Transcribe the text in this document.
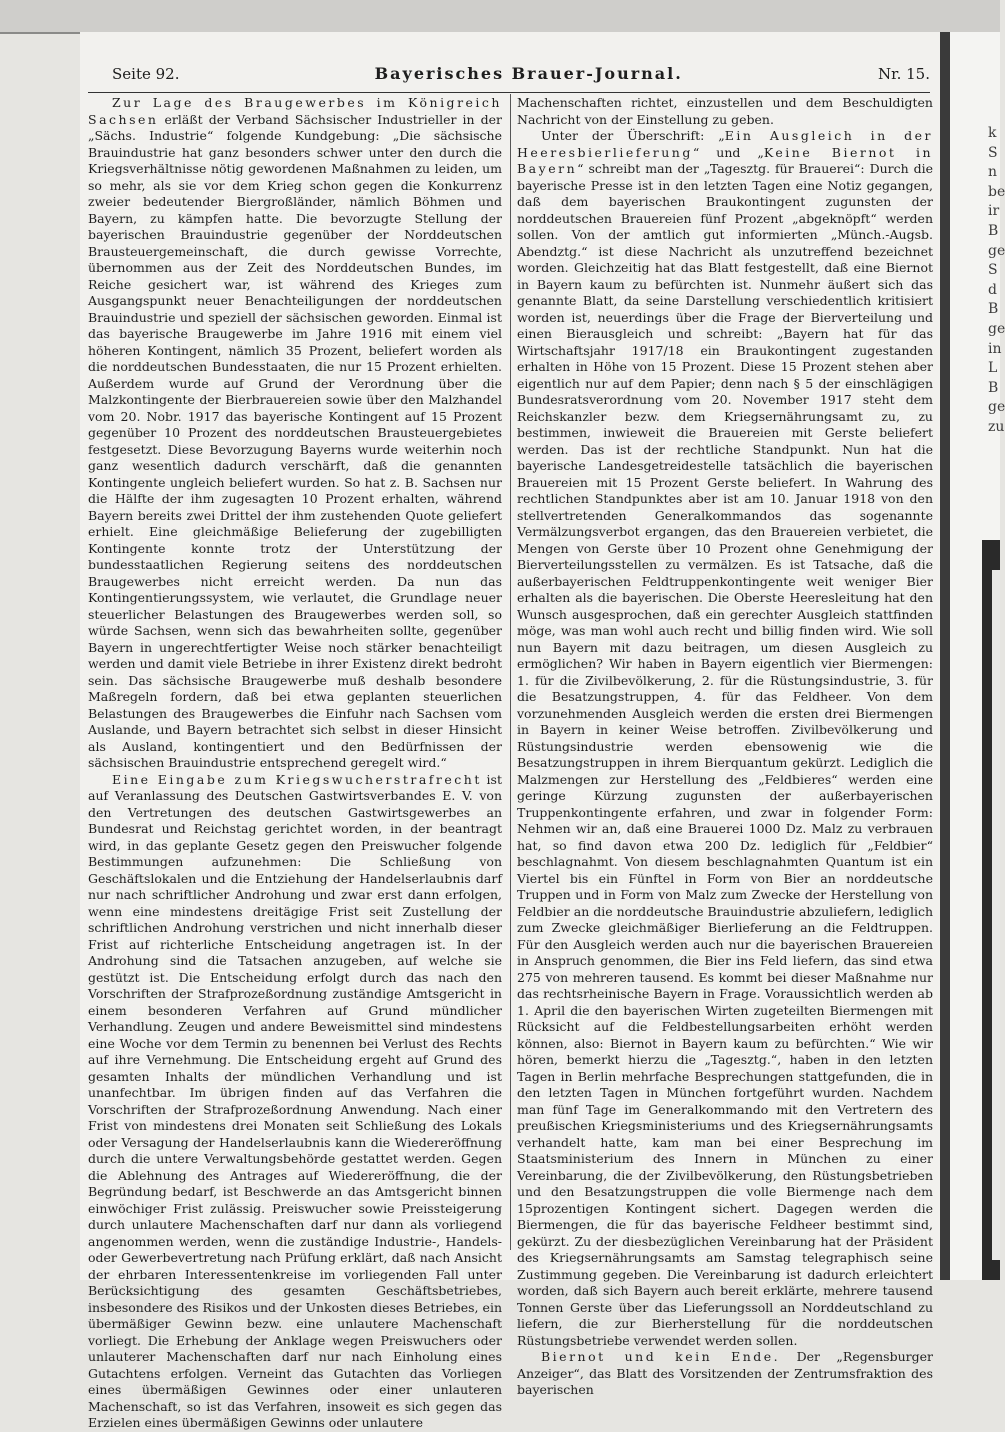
k
S
n
be
ir
B
ge
S
d
B
ge
in
L
B
ge
zu
Seite 92.	Bayerisches Brauer-Journal.	Nr. 15.

Zur Lage des Braugewerbes im Königreich Sachsen erläßt der Verband Sächsischer Industrieller in der „Sächs. Industrie“ folgende Kundgebung: „Die sächsische Brauindustrie hat ganz besonders schwer unter den durch die Kriegsverhältnisse nötig gewordenen Maßnahmen zu leiden, um so mehr, als sie vor dem Krieg schon gegen die Konkurrenz zweier bedeutender Biergroßländer, nämlich Böhmen und Bayern, zu kämpfen hatte. Die bevorzugte Stellung der bayerischen Brauindustrie gegenüber der Norddeutschen Brausteuergemeinschaft, die durch gewisse Vorrechte, übernommen aus der Zeit des Norddeutschen Bundes, im Reiche gesichert war, ist während des Krieges zum Ausgangspunkt neuer Benachteiligungen der norddeutschen Brauindustrie und speziell der sächsischen geworden. Einmal ist das bayerische Braugewerbe im Jahre 1916 mit einem viel höheren Kontingent, nämlich 35 Prozent, beliefert worden als die norddeutschen Bundesstaaten, die nur 15 Prozent erhielten. Außerdem wurde auf Grund der Verordnung über die Malzkontingente der Bierbrauereien sowie über den Malzhandel vom 20. Nobr. 1917 das bayerische Kontingent auf 15 Prozent gegenüber 10 Prozent des norddeutschen Brausteuergebietes festgesetzt. Diese Bevorzugung Bayerns wurde weiterhin noch ganz wesentlich dadurch verschärft, daß die genannten Kontingente ungleich beliefert wurden. So hat z. B. Sachsen nur die Hälfte der ihm zugesagten 10 Prozent erhalten, während Bayern bereits zwei Drittel der ihm zustehenden Quote geliefert erhielt. Eine gleichmäßige Belieferung der zugebilligten Kontingente konnte trotz der Unterstützung der bundesstaatlichen Regierung seitens des norddeutschen Braugewerbes nicht erreicht werden. Da nun das Kontingentierungssystem, wie verlautet, die Grundlage neuer steuerlicher Belastungen des Braugewerbes werden soll, so würde Sachsen, wenn sich das bewahrheiten sollte, gegenüber Bayern in ungerechtfertigter Weise noch stärker benachteiligt werden und damit viele Betriebe in ihrer Existenz direkt bedroht sein. Das sächsische Braugewerbe muß deshalb besondere Maßregeln fordern, daß bei etwa geplanten steuerlichen Belastungen des Braugewerbes die Einfuhr nach Sachsen vom Auslande, und Bayern betrachtet sich selbst in dieser Hinsicht als Ausland, kontingentiert und den Bedürfnissen der sächsischen Brauindustrie entsprechend geregelt wird.“

Eine Eingabe zum Kriegswucherstrafrecht ist auf Veranlassung des Deutschen Gastwirtsverbandes E. V. von den Vertretungen des deutschen Gastwirtsgewerbes an Bundesrat und Reichstag gerichtet worden, in der beantragt wird, in das geplante Gesetz gegen den Preiswucher folgende Bestimmungen aufzunehmen: Die Schließung von Geschäftslokalen und die Entziehung der Handelserlaubnis darf nur nach schriftlicher Androhung und zwar erst dann erfolgen, wenn eine mindestens dreitägige Frist seit Zustellung der schriftlichen Androhung verstrichen und nicht innerhalb dieser Frist auf richterliche Entscheidung angetragen ist. In der Androhung sind die Tatsachen anzugeben, auf welche sie gestützt ist. Die Entscheidung erfolgt durch das nach den Vorschriften der Strafprozeßordnung zuständige Amtsgericht in einem besonderen Verfahren auf Grund mündlicher Verhandlung. Zeugen und andere Beweismittel sind mindestens eine Woche vor dem Termin zu benennen bei Verlust des Rechts auf ihre Vernehmung. Die Entscheidung ergeht auf Grund des gesamten Inhalts der mündlichen Verhandlung und ist unanfechtbar. Im übrigen finden auf das Verfahren die Vorschriften der Strafprozeßordnung Anwendung. Nach einer Frist von mindestens drei Monaten seit Schließung des Lokals oder Versagung der Handelserlaubnis kann die Wiedereröffnung durch die untere Verwaltungsbehörde gestattet werden. Gegen die Ablehnung des Antrages auf Wiedereröffnung, die der Begründung bedarf, ist Beschwerde an das Amtsgericht binnen einwöchiger Frist zulässig. Preiswucher sowie Preissteigerung durch unlautere Machenschaften darf nur dann als vorliegend angenommen werden, wenn die zuständige Industrie-, Handels- oder Gewerbevertretung nach Prüfung erklärt, daß nach Ansicht der ehrbaren Interessentenkreise im vorliegenden Fall unter Berücksichtigung des gesamten Geschäftsbetriebes, insbesondere des Risikos und der Unkosten dieses Betriebes, ein übermäßiger Gewinn bezw. eine unlautere Machenschaft vorliegt. Die Erhebung der Anklage wegen Preiswuchers oder unlauterer Machenschaften darf nur nach Einholung eines Gutachtens erfolgen. Verneint das Gutachten das Vorliegen eines übermäßigen Gewinnes oder einer unlauteren Machenschaft, so ist das Verfahren, insoweit es sich gegen das Erzielen eines übermäßigen Gewinns oder unlautere

Machenschaften richtet, einzustellen und dem Beschuldigten Nachricht von der Einstellung zu geben.

Unter der Überschrift: „Ein Ausgleich in der Heeresbierlieferung“ und „Keine Biernot in Bayern“ schreibt man der „Tagesztg. für Brauerei“: Durch die bayerische Presse ist in den letzten Tagen eine Notiz gegangen, daß dem bayerischen Braukontingent zugunsten der norddeutschen Brauereien fünf Prozent „abgeknöpft“ werden sollen. Von der amtlich gut informierten „Münch.-Augsb. Abendztg.“ ist diese Nachricht als unzutreffend bezeichnet worden. Gleichzeitig hat das Blatt festgestellt, daß eine Biernot in Bayern kaum zu befürchten ist. Nunmehr äußert sich das genannte Blatt, da seine Darstellung verschiedentlich kritisiert worden ist, neuerdings über die Frage der Bierverteilung und einen Bierausgleich und schreibt: „Bayern hat für das Wirtschaftsjahr 1917/18 ein Braukontingent zugestanden erhalten in Höhe von 15 Prozent. Diese 15 Prozent stehen aber eigentlich nur auf dem Papier; denn nach § 5 der einschlägigen Bundesratsverordnung vom 20. November 1917 steht dem Reichskanzler bezw. dem Kriegsernährungsamt zu, zu bestimmen, inwieweit die Brauereien mit Gerste beliefert werden. Das ist der rechtliche Standpunkt. Nun hat die bayerische Landesgetreidestelle tatsächlich die bayerischen Brauereien mit 15 Prozent Gerste beliefert. In Wahrung des rechtlichen Standpunktes aber ist am 10. Januar 1918 von den stellvertretenden Generalkommandos das sogenannte Vermälzungsverbot ergangen, das den Brauereien verbietet, die Mengen von Gerste über 10 Prozent ohne Genehmigung der Bierverteilungsstellen zu vermälzen. Es ist Tatsache, daß die außerbayerischen Feldtruppenkontingente weit weniger Bier erhalten als die bayerischen. Die Oberste Heeresleitung hat den Wunsch ausgesprochen, daß ein gerechter Ausgleich stattfinden möge, was man wohl auch recht und billig finden wird. Wie soll nun Bayern mit dazu beitragen, um diesen Ausgleich zu ermöglichen? Wir haben in Bayern eigentlich vier Biermengen: 1. für die Zivilbevölkerung, 2. für die Rüstungsindustrie, 3. für die Besatzungstruppen, 4. für das Feldheer. Von dem vorzunehmenden Ausgleich werden die ersten drei Biermengen in Bayern in keiner Weise betroffen. Zivilbevölkerung und Rüstungsindustrie werden ebensowenig wie die Besatzungstruppen in ihrem Bierquantum gekürzt. Lediglich die Malzmengen zur Herstellung des „Feldbieres“ werden eine geringe Kürzung zugunsten der außerbayerischen Truppenkontingente erfahren, und zwar in folgender Form: Nehmen wir an, daß eine Brauerei 1000 Dz. Malz zu verbrauen hat, so find davon etwa 200 Dz. lediglich für „Feldbier“ beschlagnahmt. Von diesem beschlagnahmten Quantum ist ein Viertel bis ein Fünftel in Form von Bier an norddeutsche Truppen und in Form von Malz zum Zwecke der Herstellung von Feldbier an die norddeutsche Brauindustrie abzuliefern, lediglich zum Zwecke gleichmäßiger Bierlieferung an die Feldtruppen. Für den Ausgleich werden auch nur die bayerischen Brauereien in Anspruch genommen, die Bier ins Feld liefern, das sind etwa 275 von mehreren tausend. Es kommt bei dieser Maßnahme nur das rechtsrheinische Bayern in Frage. Voraussichtlich werden ab 1. April die den bayerischen Wirten zugeteilten Biermengen mit Rücksicht auf die Feldbestellungsarbeiten erhöht werden können, also: Biernot in Bayern kaum zu befürchten.“ Wie wir hören, bemerkt hierzu die „Tagesztg.“, haben in den letzten Tagen in Berlin mehrfache Besprechungen stattgefunden, die in den letzten Tagen in München fortgeführt wurden. Nachdem man fünf Tage im Generalkommando mit den Vertretern des preußischen Kriegsministeriums und des Kriegsernährungsamts verhandelt hatte, kam man bei einer Besprechung im Staatsministerium des Innern in München zu einer Vereinbarung, die der Zivilbevölkerung, den Rüstungsbetrieben und den Besatzungstruppen die volle Biermenge nach dem 15prozentigen Kontingent sichert. Dagegen werden die Biermengen, die für das bayerische Feldheer bestimmt sind, gekürzt. Zu der diesbezüglichen Vereinbarung hat der Präsident des Kriegsernährungsamts am Samstag telegraphisch seine Zustimmung gegeben. Die Vereinbarung ist dadurch erleichtert worden, daß sich Bayern auch bereit erklärte, mehrere tausend Tonnen Gerste über das Lieferungssoll an Norddeutschland zu liefern, die zur Bierherstellung für die norddeutschen Rüstungsbetriebe verwendet werden sollen.

Biernot und kein Ende. Der „Regensburger Anzeiger“, das Blatt des Vorsitzenden der Zentrumsfraktion des bayerischen
